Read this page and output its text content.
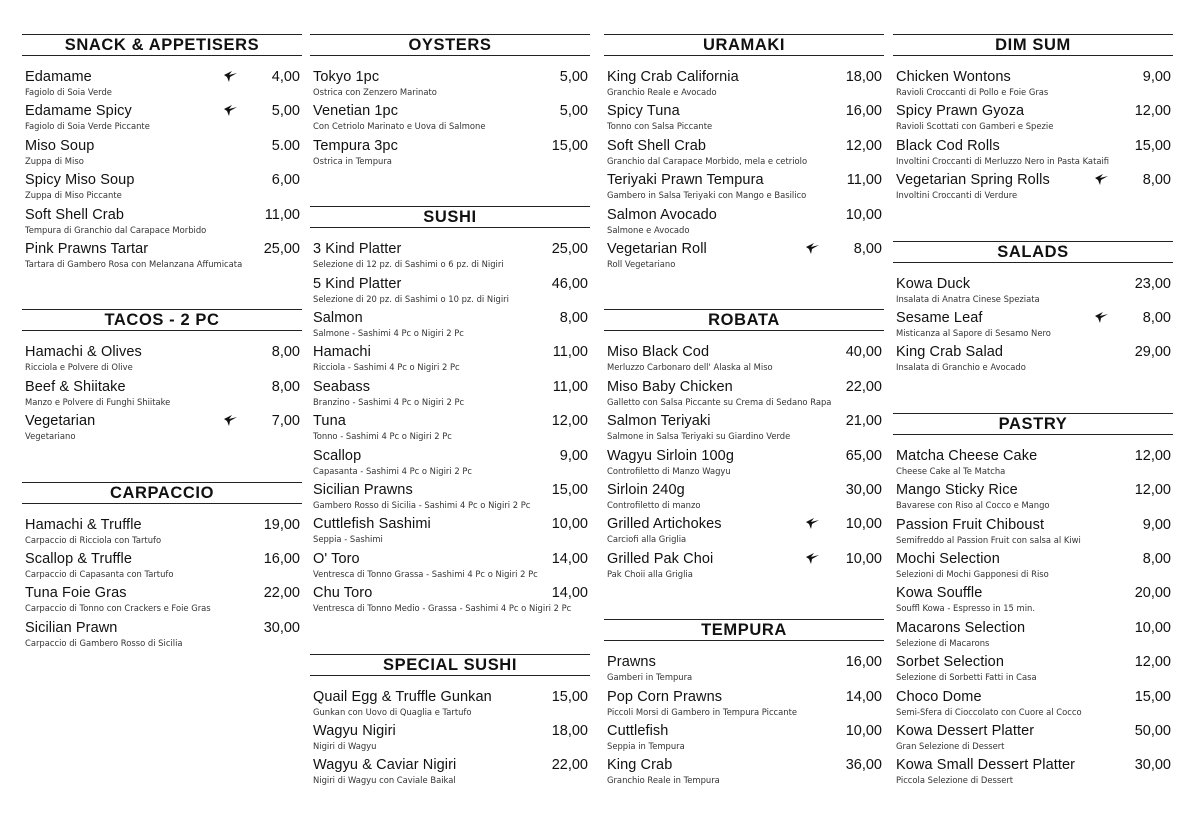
SNACK & APPETISERS
Edamame
Fagiolo di Soia Verde
4,00
Edamame Spicy
Fagiolo di Soia Verde Piccante
5,00
Miso Soup
Zuppa di Miso
5.00
Spicy Miso Soup
Zuppa di Miso Piccante
6,00
Soft Shell Crab
Tempura di Granchio dal Carapace Morbido
11,00
Pink Prawns Tartar
Tartara di Gambero Rosa con Melanzana Affumicata
25,00
TACOS - 2 PC
Hamachi & Olives
Ricciola e Polvere di Olive
8,00
Beef & Shiitake
Manzo e Polvere di Funghi Shiitake
8,00
Vegetarian
Vegetariano
7,00
CARPACCIO
Hamachi & Truffle
Carpaccio di Ricciola con Tartufo
19,00
Scallop & Truffle
Carpaccio di Capasanta con Tartufo
16,00
Tuna Foie Gras
Carpaccio di Tonno con Crackers e Foie Gras
22,00
Sicilian Prawn
Carpaccio di Gambero Rosso di Sicilia
30,00
OYSTERS
Tokyo 1pc
Ostrica con Zenzero Marinato
5,00
Venetian 1pc
Con Cetriolo Marinato e Uova di Salmone
5,00
Tempura 3pc
Ostrica in Tempura
15,00
SUSHI
3 Kind Platter
Selezione di 12 pz. di Sashimi o 6 pz. di Nigiri
25,00
5 Kind Platter
Selezione di 20 pz. di Sashimi o 10 pz. di Nigiri
46,00
Salmon
Salmone - Sashimi 4 Pc o Nigiri 2 Pc
8,00
Hamachi
Ricciola - Sashimi 4 Pc o Nigiri 2 Pc
11,00
Seabass
Branzino - Sashimi 4 Pc o Nigiri 2 Pc
11,00
Tuna
Tonno - Sashimi 4 Pc o Nigiri 2 Pc
12,00
Scallop
Capasanta - Sashimi 4 Pc o Nigiri 2 Pc
9,00
Sicilian Prawns
Gambero Rosso di Sicilia - Sashimi 4 Pc o Nigiri 2 Pc
15,00
Cuttlefish Sashimi
Seppia - Sashimi
10,00
O' Toro
Ventresca di Tonno Grassa - Sashimi 4 Pc o Nigiri 2 Pc
14,00
Chu Toro
Ventresca di Tonno Medio - Grassa - Sashimi 4 Pc o Nigiri 2 Pc
14,00
SPECIAL SUSHI
Quail Egg & Truffle Gunkan
Gunkan con Uovo di Quaglia e Tartufo
15,00
Wagyu Nigiri
Nigiri di Wagyu
18,00
Wagyu & Caviar Nigiri
Nigiri di Wagyu con Caviale Baikal
22,00
URAMAKI
King Crab California
Granchio Reale e Avocado
18,00
Spicy Tuna
Tonno con Salsa Piccante
16,00
Soft Shell Crab
Granchio dal Carapace Morbido, mela e cetriolo
12,00
Teriyaki Prawn Tempura
Gambero in Salsa Teriyaki con Mango e Basilico
11,00
Salmon Avocado
Salmone e Avocado
10,00
Vegetarian Roll
Roll Vegetariano
8,00
ROBATA
Miso Black Cod
Merluzzo Carbonaro dell' Alaska al Miso
40,00
Miso Baby Chicken
Galletto con Salsa Piccante su Crema di Sedano Rapa
22,00
Salmon Teriyaki
Salmone in Salsa Teriyaki su Giardino Verde
21,00
Wagyu Sirloin 100g
Controfiletto di Manzo Wagyu
65,00
Sirloin 240g
Controfiletto di manzo
30,00
Grilled Artichokes
Carciofi alla Griglia
10,00
Grilled Pak Choi
Pak Choii alla Griglia
10,00
TEMPURA
Prawns
Gamberi in Tempura
16,00
Pop Corn Prawns
Piccoli Morsi di Gambero in Tempura Piccante
14,00
Cuttlefish
Seppia in Tempura
10,00
King Crab
Granchio Reale in Tempura
36,00
DIM SUM
Chicken Wontons
Ravioli Croccanti di Pollo e Foie Gras
9,00
Spicy Prawn Gyoza
Ravioli Scottati con Gamberi e Spezie
12,00
Black Cod Rolls
Involtini Croccanti di Merluzzo Nero in Pasta Kataifi
15,00
Vegetarian Spring Rolls
Involtini Croccanti di Verdure
8,00
SALADS
Kowa Duck
Insalata di Anatra Cinese Speziata
23,00
Sesame Leaf
Misticanza al Sapore di Sesamo Nero
8,00
King Crab Salad
Insalata di Granchio e Avocado
29,00
PASTRY
Matcha Cheese Cake
Cheese Cake al Te Matcha
12,00
Mango Sticky Rice
Bavarese con Riso al Cocco e Mango
12,00
Passion Fruit Chiboust
Semifreddo al Passion Fruit con salsa al Kiwi
9,00
Mochi Selection
Selezioni di Mochi Gapponesi di Riso
8,00
Kowa Souffle
Souffl Kowa - Espresso in 15 min.
20,00
Macarons Selection
Selezione di Macarons
10,00
Sorbet Selection
Selezione di Sorbetti Fatti in Casa
12,00
Choco Dome
Semi-Sfera di Cioccolato con Cuore al Cocco
15,00
Kowa Dessert Platter
Gran Selezione di Dessert
50,00
Kowa Small Dessert Platter
Piccola Selezione di Dessert
30,00
